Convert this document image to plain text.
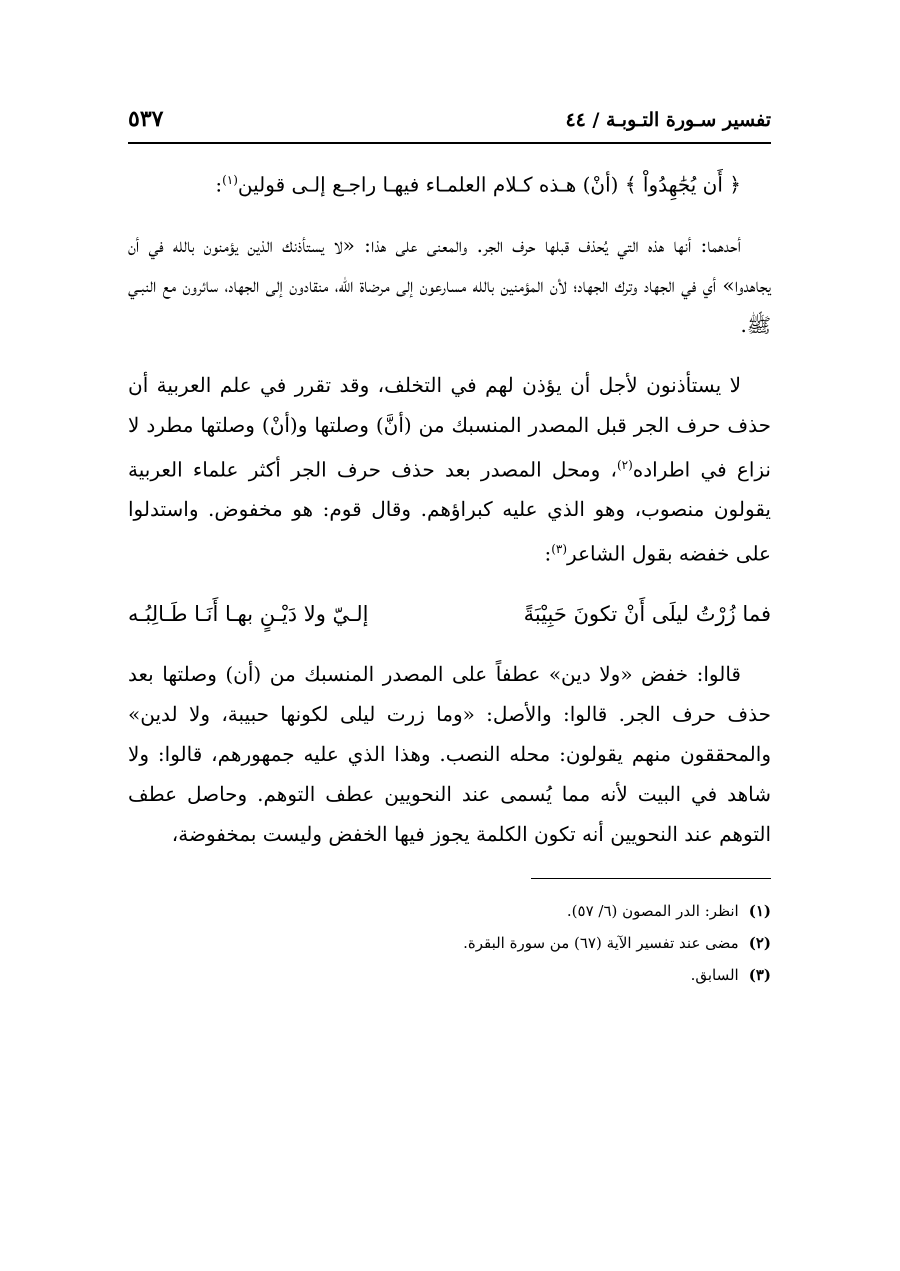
تفسير سـورة التـوبـة / ٤٤
٥٣٧

﴿ أَن يُجَٰهِدُواْ ﴾ (أنْ) هـذه كـلام العلمـاء فيهـا راجـع إلـى قولين$^{(١)}$:

أحدهما: أنها هذه التي يُحذف قبلها حرف الجر. والمعنى على هذا: «لا يستأذنك الذين يؤمنون بالله في أن يجاهدوا» أي في الجهاد وترك الجهاد؛ لأن المؤمنين بالله مسارعون إلى مرضاة الله، منقادون إلى الجهاد، سائرون مع النبـي ﷺ.

لا يستأذنون لأجل أن يؤذن لهم في التخلف، وقد تقرر في علم العربية أن حذف حرف الجر قبل المصدر المنسبك من (أنَّ) وصلتها و(أنْ) وصلتها مطرد لا نزاع في اطراده$^{(٢)}$، ومحل المصدر بعد حذف حرف الجر أكثر علماء العربية يقولون منصوب، وهو الذي عليه كبراؤهم. وقال قوم: هو مخفوض. واستدلوا على خفضه بقول الشاعر$^{(٣)}$:

فما زُرْتُ ليلَى أَنْ تكونَ حَبِيْبَةً
إلـيّ ولا دَيْـنٍ بهـا أَنَـا طَـالِبُـه

قالوا: خفض «ولا دين» عطفاً على المصدر المنسبك من (أن) وصلتها بعد حذف حرف الجر. قالوا: والأصل: «وما زرت ليلى لكونها حبيبة، ولا لدين» والمحققون منهم يقولون: محله النصب. وهذا الذي عليه جمهورهم، قالوا: ولا شاهد في البيت لأنه مما يُسمى عند النحويين عطف التوهم. وحاصل عطف التوهم عند النحويين أنه تكون الكلمة يجوز فيها الخفض وليست بمخفوضة،

(١)
انظر: الدر المصون (٦/ ٥٧).
(٢)
مضى عند تفسير الآية (٦٧) من سورة البقرة.
(٣)
السابق.
